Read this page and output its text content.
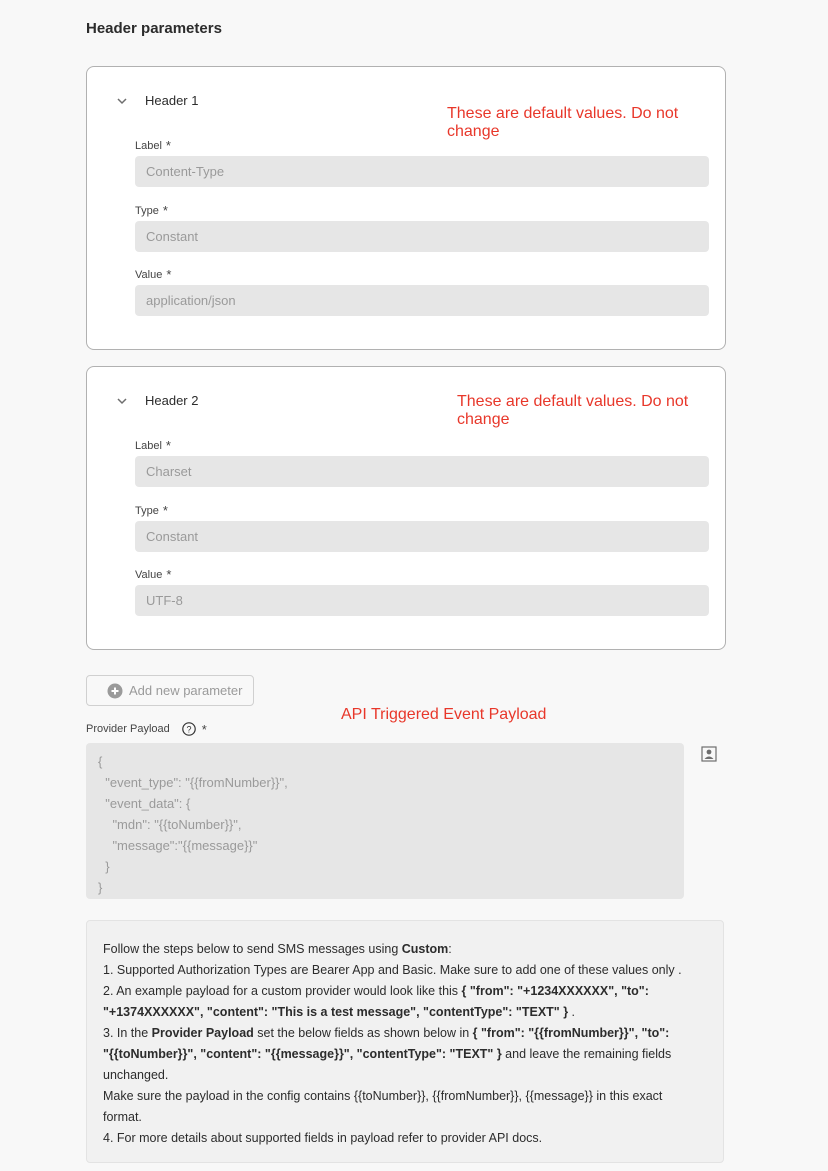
Header parameters
Header 1
These are default values. Do not change
Label *
Content-Type
Type *
Constant
Value *
application/json
Header 2	These are default values. Do not change
Label *
Charset
Type *
Constant
Value *
UTF-8
Add new parameter
API Triggered Event Payload
Provider Payload ? *
{
"event_type": "{{fromNumber}}",
"event_data": {
"mdn": "{{toNumber}}",
"message":"{{message}}"
}
}
Follow the steps below to send SMS messages using Custom:
1. Supported Authorization Types are Bearer App and Basic. Make sure to add one of these values only .
2. An example payload for a custom provider would look like this { "from": "+1234XXXXXX", "to":
"+1374XXXXXX", "content": "This is a test message", "contentType": "TEXT" } .
3. In the Provider Payload set the below fields as shown below in { "from": "{{fromNumber}}", "to":
"{{toNumber}}", "content": "{{message}}", "contentType": "TEXT" } and leave the remaining fields
unchanged.
Make sure the payload in the config contains {{toNumber}}, {{fromNumber}}, {{message}} in this exact
format.
4. For more details about supported fields in payload refer to provider API docs.
